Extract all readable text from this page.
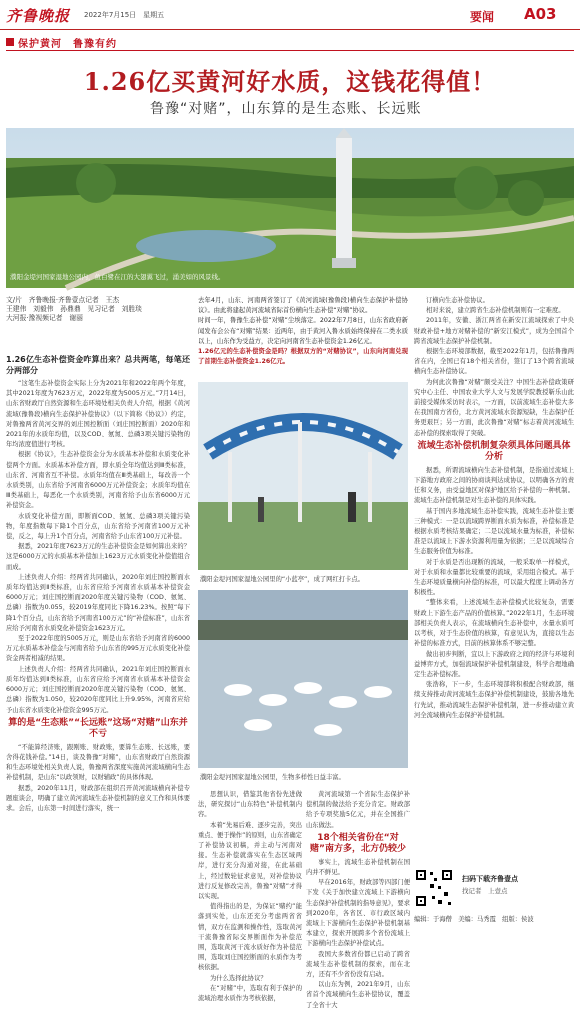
齐鲁晚报 2022年7月15日　星期五	要闻 A03
保护黄河　鲁豫有约
1.26亿买黄河好水质，这钱花得值！
鲁豫“对赌”，山东算的是生态账、长远账
濮阳金堤河国家湿地公园内，鱼白鹭在江的大翅翼飞过，涌美如的风景线。
文/片　齐鲁晚报·齐鲁壹点记者　王杰
王建伟　刘毅伟　孙鼎鼎　见习记者　刘胜琰
大河报·豫视频记者　谢丽
1.26亿生态补偿资金咋算出来？总共两笔，每笔还分两部分

“这笔生态补偿资金实际上分为2021年和2022年两个年度，其中2021年度为7623万元，2022年度为5005万元。”7月14日，山东省财政厅自然资源和生态环境处相关负责人介绍，根据《黄河流域(豫鲁段)横向生态保护补偿协议》（以下简称《协议》）约定，对鲁豫两省黄河交界的刘庄国控断面（刘庄国控断面）2020年和2021年的水质年均值，以及COD、氨氮、总磷3项关键污染物的年均浓度值进行考核。

根据《协议》，生态补偿资金分为水质基本补偿和水质变化补偿两个方面。水质基本补偿方面，即水质全年均值达到Ⅲ类标准，山东省、河南省互不补偿。水质年均值在Ⅲ类基础上，每改善一个水质类别，山东省给予河南省6000万元补偿资金；水质年均值在Ⅲ类基础上，每恶化一个水质类别，河南省给予山东省6000万元补偿资金。

水质变化补偿方面，即断面COD、氨氮、总磷3项关键污染物，年度指数每下降1个百分点，山东省给予河南省100万元补偿，反之，每上升1个百分点，河南省给予山东省100万元补偿。

据悉，2021年度7623万元的生态补偿资金是如何算出来的？这是6000万元的水质基本补偿加上1623万元水质变化补偿值组合而成。

上述负责人介绍：经两省共同确认，2020年刘庄国控断面水质年均值达到Ⅱ类标准，山东省应给予河南省水质基本补偿资金6000万元；刘庄国控断面2020年度关键污染物（COD、氨氮、总磷）指数为0.055，较2019年度同比下降16.23%。按照“每下降1个百分点，山东省给予河南省100万元”的“补偿标准”，山东省应给予河南省水质变化补偿资金1623万元。

至于2022年度的5005万元，则是山东省给予河南省的6000万元水质基本补偿金与河南省给予山东省的995万元水质变化补偿资金两者相减的结果。

上述负责人介绍：经两省共同确认，2021年刘庄国控断面水质年均值达到Ⅱ类标准，山东省应给予河南省水质基本补偿资金6000万元；刘庄国控断面2020年度关键污染物（COD、氨氮、总磷）指数为1.050，较2020年度同比上升9.95%，河南省应给予山东省水质变化补偿资金995万元。

算的是“生态账”“长远账”这场“对赌”山东并不亏

“不能算经济账，跟刚账、财政账，要算生态账、长远账，要舍得花钱补偿。”14日，谈及鲁豫“对赌”，山东省财政厅自然资源和生态环境处相关负责人说，鲁豫两省深度实施黄河流域横向生态补偿机制，是山东“以政领财，以财辅政”的具体体现。

据悉，2020年11月，财政部在组织召开黄河流域横向补偿专题座谈会，明确了建立黄河流域生态补偿机制的意义工作和具体要求。会后，山东第一时间进行落实，统一

去年4月，山东、河南两省签订了《黄河流域(豫鲁段)横向生态保护补偿协议》。由此将建起黄河流域省际首份横向生态补偿“对赌”协议。

时间一年，鲁豫生态补偿“对赌”尘埃落定。2022年7月8日，山东省政府新闻发布会公布“对赌”结果：近两年，由于黄河入鲁水质始终保持在二类水质以上，山东作为受益方，决定向河南省生态补偿资金1.26亿元。

1.26亿元的生态补偿资金是吗？根据双方的“对赌协议”，山东向河南兑现了首期生态补偿资金1.26亿元。

濮阳金堤河国家湿地公园里的“小蓝亭”，成了网红打卡点。
濮阳金堤河国家湿地公园里，生物多样性日益丰富。

思想认识，借鉴其他省份先进做法，研究探讨“山东特色”补偿机制内容。

本着“先易后难、逐步完善，突出重点、便于操作”的原则，山东省确定了补偿协议初稿，并主动与河南对接。生态补偿就落实在生态区域两岸，进行充分沟通对接，在此基础上，经过数轮征求意见，对补偿协议进行反复修改完善，鲁豫“对赌”才得以实现。

值得指出的是，为保证“赌约”能落到实处，山东还充分考虑两省省情，双方在监测和操作性，选取黄河干流鲁豫省际交界断面作为补偿范围，选取黄河干流水质好作为补偿范围，选取刘庄国控断面的水质作为考核依据。

为什么选择此协议？

在“对赌”中，选取有利于保护的流域治理水质作为考核依据，

黄河流域第一个省际生态保护补偿机制的做法给予充分肯定。财政部给予专项奖励5亿元，并在全国推广山东做法。

18个相关省份在“对赌”南方多，北方仍较少

事实上，流域生态补偿机制在国内并不鲜见。

早在2016年，财政部等四部门便下发《关于加快建立流域上下游横向生态保护补偿机制的指导意见》，要求到2020年，各省区、市行政区域内流域上下游横向生态保护补偿机制基本建立，探索开展跨多个省份流域上下游横向生态保护补偿试点。

我国大多数省份都已启动了跨省流域生态补偿机制的探索，而在北方，还有不少省份没有启动。

以山东为例，2021年9月，山东省首个流域横向生态补偿协议，覆盖了全省十大

订横向生态补偿协议。

相对来说，建立跨省生态补偿机制则有一定难度。

2011年，安徽、浙江两省在新安江流域探索了中央财政补偿+地方对赌补偿的“新安江模式”，成为全国首个跨省流域生态保护补偿机制。

根据生态环境部数据，截至2022年1月，包括鲁豫两省在内，全国已有18个相关省份，签订了13个跨省流域横向生态补偿协议。

为何此次鲁豫“对赌”颇受关注？中国生态补偿政策研究中心主任、中国农业大学人文与发展学院教授靳乐山此前接受媒体采访时表示，一方面，以前流域生态补偿大多在我国南方省份，北方黄河流域水资源短缺，生态保护任务更艰巨；另一方面，此次鲁豫“对赌”标志着黄河流域生态补偿的探索取得了突破。

流域生态补偿机制复杂须具体问题具体分析

据悉，所谓流域横向生态补偿机制，是指通过流域上下游地方政府之间的协商谈判达成协议，以明确各方的责任和义务，由受益地区对保护地区给予补偿的一种机制。流域生态补偿机制是对生态补偿的具体实践。

基于国内多地流域生态补偿实践，流域生态补偿主要三种模式：一是以流域跨界断面水质为标准，补偿标准是根据水质考核结果确定；二是以流域水量为标准，补偿标准是以流域上下游水资源利用量为依据；三是以流域综合生态服务价值为标准。

对于水质是否出现断的流域，一般采取单一样模式，对于水质和水量都比较重要的流域，采用组合模式。基于生态环境质量横向补偿的标准，可以最大程度上调动各方积极性。

“整体来看，上述流域生态补偿模式比较复杂，需要财政上下游生态产品的价值核算。”2022年1月，生态环境部相关负责人表示，在流域横向生态补偿中，水量水质可以考核，对于生态价值的核算，有意见认为，直接以生态补偿的标准方式，目前的核算体系不够完整。

做出初步判断，宜以上下游政府之间的经济与环境利益博弈方式，加强流域保护补偿机制建设，科学合理地确定生态补偿标准。

张浩称，下一步，生态环境部将积极配合财政部，继续支持推动黄河流域生态保护补偿机制建设，鼓励各地先行先试，推动流域生态保护补偿机制，进一步推动建立黄河全流域横向生态保护补偿机制。

扫码下载齐鲁壹点
找记者　上壹点
编辑：于海僧　美编：马秀霞　组版：侯波
